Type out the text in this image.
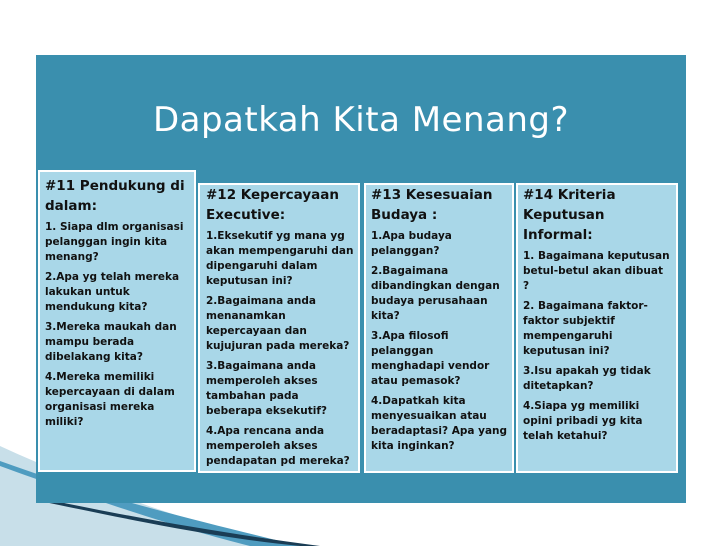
Dapatkah Kita Menang?
#11 Pendukung di dalam:

1. Siapa dlm organisasi pelanggan ingin kita menang?

2.Apa yg telah mereka lakukan untuk mendukung kita?

3.Mereka maukah dan mampu berada dibelakang kita?

4.Mereka memiliki kepercayaan di dalam organisasi mereka miliki?

#12 Kepercayaan Executive:

1.Eksekutif yg mana yg akan mempengaruhi dan dipengaruhi dalam keputusan ini?

2.Bagaimana anda menanamkan kepercayaan dan kujujuran pada mereka?

3.Bagaimana anda memperoleh akses tambahan pada beberapa eksekutif?

4.Apa rencana anda memperoleh akses pendapatan pd mereka?

#13 Kesesuaian Budaya :

1.Apa budaya pelanggan?

2.Bagaimana dibandingkan dengan budaya perusahaan kita?

3.Apa filosofi pelanggan menghadapi vendor atau pemasok?

4.Dapatkah kita menyesuaikan atau beradaptasi? Apa yang kita inginkan?

#14 Kriteria Keputusan Informal:

1. Bagaimana keputusan betul-betul akan dibuat ?

2. Bagaimana faktor-faktor subjektif mempengaruhi keputusan ini?

3.Isu apakah yg tidak ditetapkan?

4.Siapa yg memiliki opini pribadi yg kita telah ketahui?
